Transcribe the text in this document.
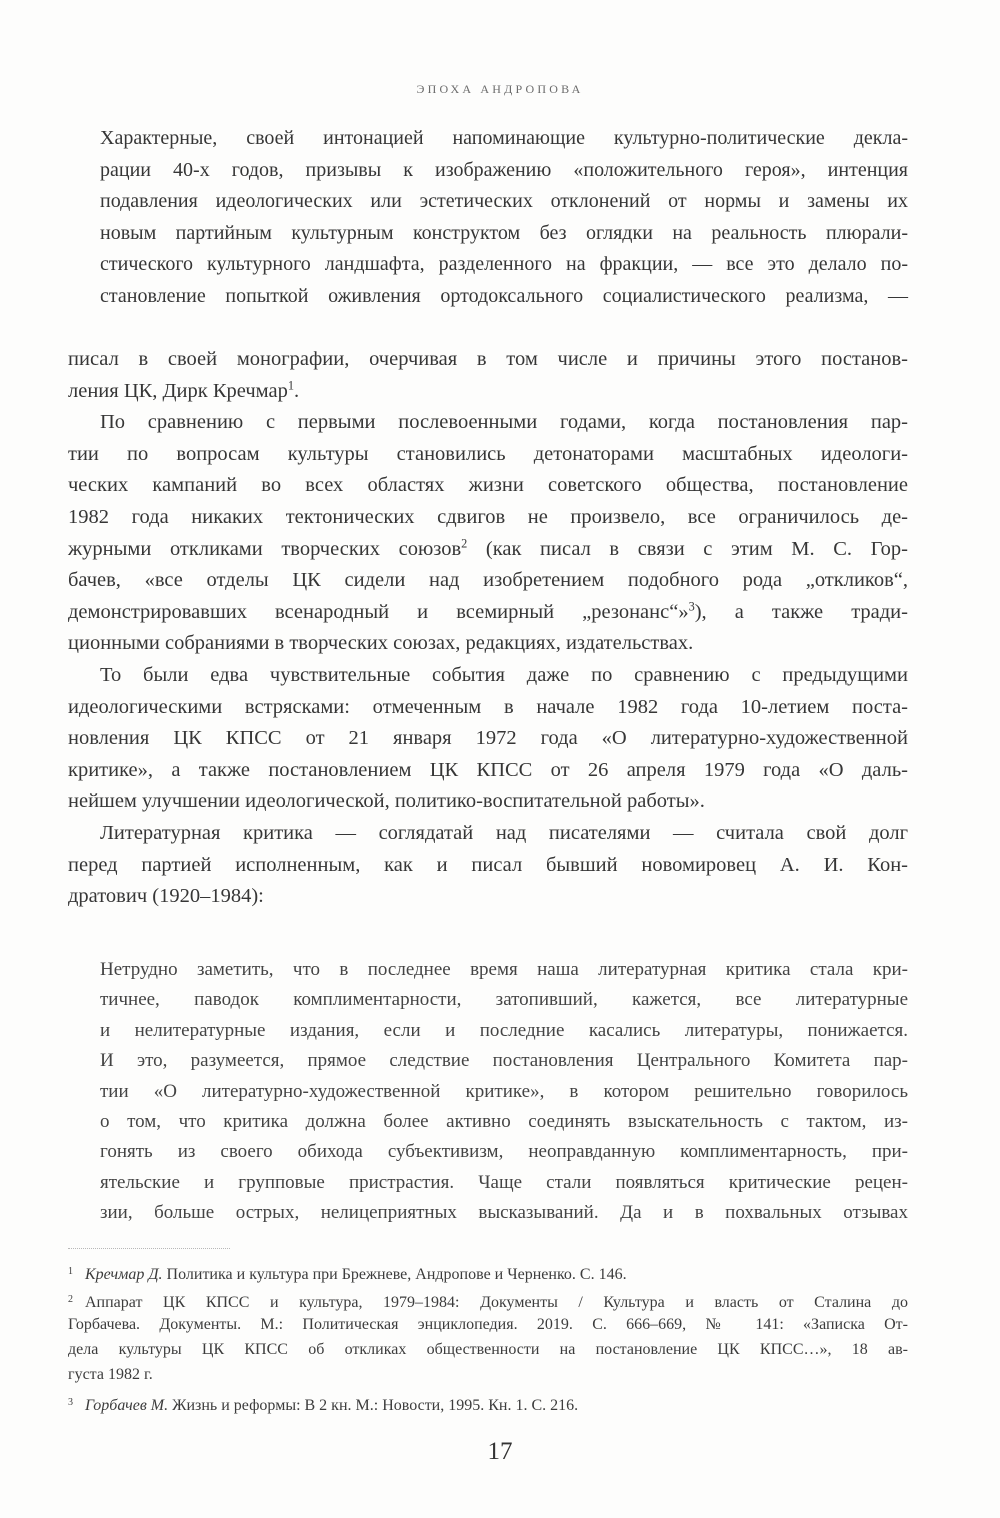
ЭПОХА АНДРОПОВА
Характерные, своей интонацией напоминающие культурно-политические декла-
рации 40-х годов, призывы к изображению «положительного героя», интенция
подавления идеологических или эстетических отклонений от нормы и замены их
новым партийным культурным конструктом без оглядки на реальность плюрали-
стического культурного ландшафта, разделенного на фракции, — все это делало по-
становление попыткой оживления ортодоксального социалистического реализма, —
писал в своей монографии, очерчивая в том числе и причины этого постанов-
ления ЦК, Дирк Кречмар$^1$.
По сравнению с первыми послевоенными годами, когда постановления пар-
тии по вопросам культуры становились детонаторами масштабных идеологи-
ческих кампаний во всех областях жизни советского общества, постановление
1982 года никаких тектонических сдвигов не произвело, все ограничилось де-
журными откликами творческих союзов$^2$ (как писал в связи с этим М. С. Гор-
бачев, «все отделы ЦК сидели над изобретением подобного рода „откликов“,
демонстрировавших всенародный и всемирный „резонанс“»$^3$), а также тради-
ционными собраниями в творческих союзах, редакциях, издательствах.
То были едва чувствительные события даже по сравнению с предыдущими
идеологическими встрясками: отмеченным в начале 1982 года 10-летием поста-
новления ЦК КПСС от 21 января 1972 года «О литературно-художественной
критике», а также постановлением ЦК КПСС от 26 апреля 1979 года «О даль-
нейшем улучшении идеологической, политико-воспитательной работы».
Литературная критика — соглядатай над писателями — считала свой долг
перед партией исполненным, как и писал бывший новомировец А. И. Кон-
дратович (1920–1984):
Нетрудно заметить, что в последнее время наша литературная критика стала кри-
тичнее, паводок комплиментарности, затопивший, кажется, все литературные
и нелитературные издания, если и последние касались литературы, понижается.
И это, разумеется, прямое следствие постановления Центрального Комитета пар-
тии «О литературно-художественной критике», в котором решительно говорилось
о том, что критика должна более активно соединять взыскательность с тактом, из-
гонять из своего обихода субъективизм, неоправданную комплиментарность, при-
ятельские и групповые пристрастия. Чаще стали появляться критические рецен-
зии, больше острых, нелицеприятных высказываний. Да и в похвальных отзывах
1 Кречмар Д. Политика и культура при Брежневе, Андропове и Черненко. С. 146.
2 Аппарат ЦК КПСС и культура, 1979–1984: Документы / Культура и власть от Сталина до
Горбачева. Документы. М.: Политическая энциклопедия. 2019. С. 666–669, № 141: «Записка От-
дела культуры ЦК КПСС об откликах общественности на постановление ЦК КПСС…», 18 ав-
густа 1982 г.
3 Горбачев М. Жизнь и реформы: В 2 кн. М.: Новости, 1995. Кн. 1. С. 216.
17
